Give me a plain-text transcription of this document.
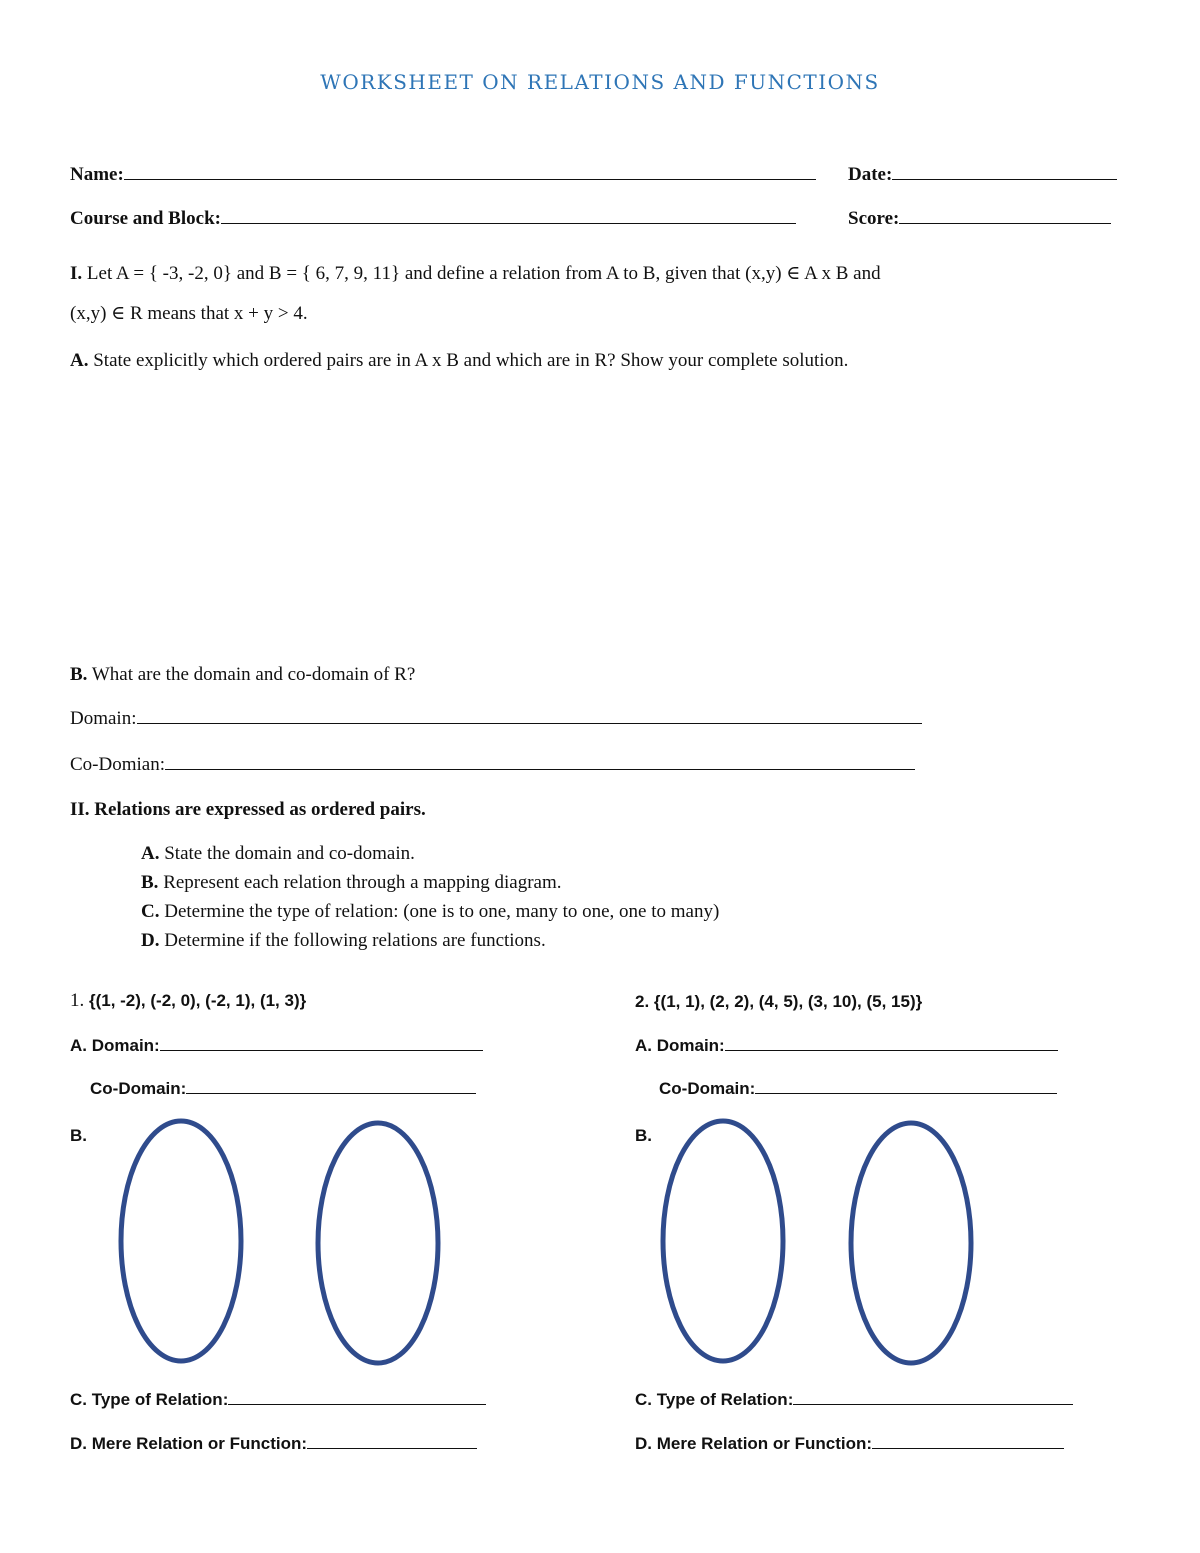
WORKSHEET ON RELATIONS AND FUNCTIONS
Name:	Date:
Course and Block:	Score:
I. Let A = { -3, -2, 0} and B = { 6, 7, 9, 11} and define a relation from A to B, given that (x,y) ∈ A x B and
(x,y) ∈ R means that x + y > 4.
A. State explicitly which ordered pairs are in A x B and which are in R? Show your complete solution.
B. What are the domain and co-domain of R?
Domain:
Co-Domian:
II. Relations are expressed as ordered pairs.
A. State the domain and co-domain.
B. Represent each relation through a mapping diagram.
C. Determine the type of relation: (one is to one, many to one, one to many)
D. Determine if the following relations are functions.
1. {(1, -2), (-2, 0), (-2, 1), (1, 3)}
A. Domain:
Co-Domain:
B.
C. Type of Relation:
D. Mere Relation or Function:
2. {(1, 1), (2, 2), (4, 5), (3, 10), (5, 15)}
A. Domain:
Co-Domain:
B.
C. Type of Relation:
D. Mere Relation or Function:
